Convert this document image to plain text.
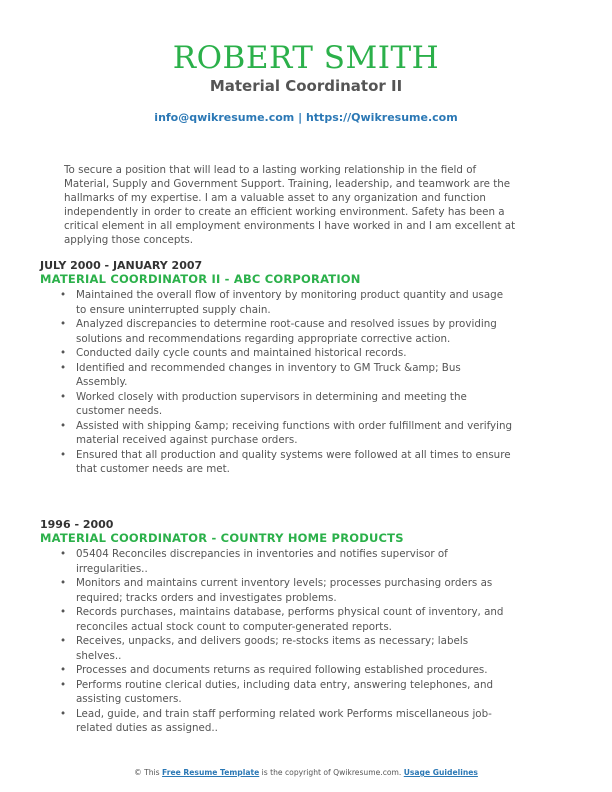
ROBERT SMITH
Material Coordinator II
info@qwikresume.com | https://Qwikresume.com
To secure a position that will lead to a lasting working relationship in the field of Material, Supply and Government Support. Training, leadership, and teamwork are the hallmarks of my expertise. I am a valuable asset to any organization and function independently in order to create an efficient working environment. Safety has been a critical element in all employment environments I have worked in and I am excellent at applying those concepts.
JULY 2000 - JANUARY 2007
MATERIAL COORDINATOR II - ABC CORPORATION
• Maintained the overall flow of inventory by monitoring product quantity and usage to ensure uninterrupted supply chain.
• Analyzed discrepancies to determine root-cause and resolved issues by providing solutions and recommendations regarding appropriate corrective action.
• Conducted daily cycle counts and maintained historical records.
• Identified and recommended changes in inventory to GM Truck &amp; Bus Assembly.
• Worked closely with production supervisors in determining and meeting the customer needs.
• Assisted with shipping &amp; receiving functions with order fulfillment and verifying material received against purchase orders.
• Ensured that all production and quality systems were followed at all times to ensure that customer needs are met.
1996 - 2000
MATERIAL COORDINATOR - COUNTRY HOME PRODUCTS
• 05404 Reconciles discrepancies in inventories and notifies supervisor of irregularities..
• Monitors and maintains current inventory levels; processes purchasing orders as required; tracks orders and investigates problems.
• Records purchases, maintains database, performs physical count of inventory, and reconciles actual stock count to computer-generated reports.
• Receives, unpacks, and delivers goods; re-stocks items as necessary; labels shelves..
• Processes and documents returns as required following established procedures.
• Performs routine clerical duties, including data entry, answering telephones, and assisting customers.
• Lead, guide, and train staff performing related work Performs miscellaneous job-related duties as assigned..
© This Free Resume Template is the copyright of Qwikresume.com. Usage Guidelines
